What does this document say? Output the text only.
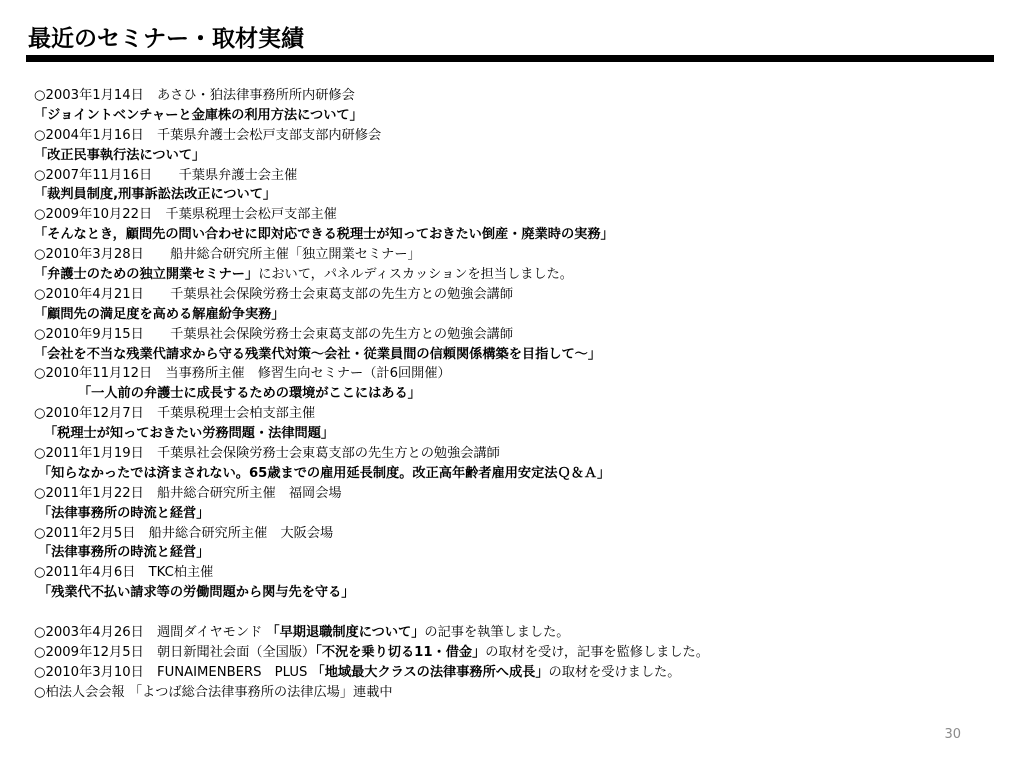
最近のセミナー・取材実績
○2003年1月14日　あさひ・狛法律事務所所内研修会
「ジョイントベンチャーと金庫株の利用方法について」
○2004年1月16日　千葉県弁護士会松戸支部支部内研修会
「改正民事執行法について」
○2007年11月16日　　千葉県弁護士会主催
「裁判員制度,刑事訴訟法改正について」
○2009年10月22日　千葉県税理士会松戸支部主催
「そんなとき，顧問先の問い合わせに即対応できる税理士が知っておきたい倒産・廃業時の実務」
○2010年3月28日　　船井総合研究所主催「独立開業セミナー」
「弁護士のための独立開業セミナー」において，パネルディスカッションを担当しました。
○2010年4月21日　　千葉県社会保険労務士会東葛支部の先生方との勉強会講師
「顧問先の満足度を高める解雇紛争実務」
○2010年9月15日　　千葉県社会保険労務士会東葛支部の先生方との勉強会講師
「会社を不当な残業代請求から守る残業代対策～会社・従業員間の信頼関係構築を目指して～」
○2010年11月12日　当事務所主催　修習生向セミナー（計6回開催）
「一人前の弁護士に成長するための環境がここにはある」
○2010年12月7日　千葉県税理士会柏支部主催
「税理士が知っておきたい労務問題・法律問題」
○2011年1月19日　千葉県社会保険労務士会東葛支部の先生方との勉強会講師
「知らなかったでは済まされない。65歳までの雇用延長制度。改正高年齢者雇用安定法Ｑ＆Ａ」
○2011年1月22日　船井総合研究所主催　福岡会場
「法律事務所の時流と経営」
○2011年2月5日　船井総合研究所主催　大阪会場
「法律事務所の時流と経営」
○2011年4月6日　TKC柏主催
「残業代不払い請求等の労働問題から関与先を守る」
○2003年4月26日　週間ダイヤモンド 「早期退職制度について」の記事を執筆しました。
○2009年12月5日　朝日新聞社会面（全国版）「不況を乗り切る11・借金」の取材を受け，記事を監修しました。
○2010年3月10日　FUNAIMENBERS　PLUS 「地域最大クラスの法律事務所へ成長」の取材を受けました。
○柏法人会会報 「よつば総合法律事務所の法律広場」連載中
30
